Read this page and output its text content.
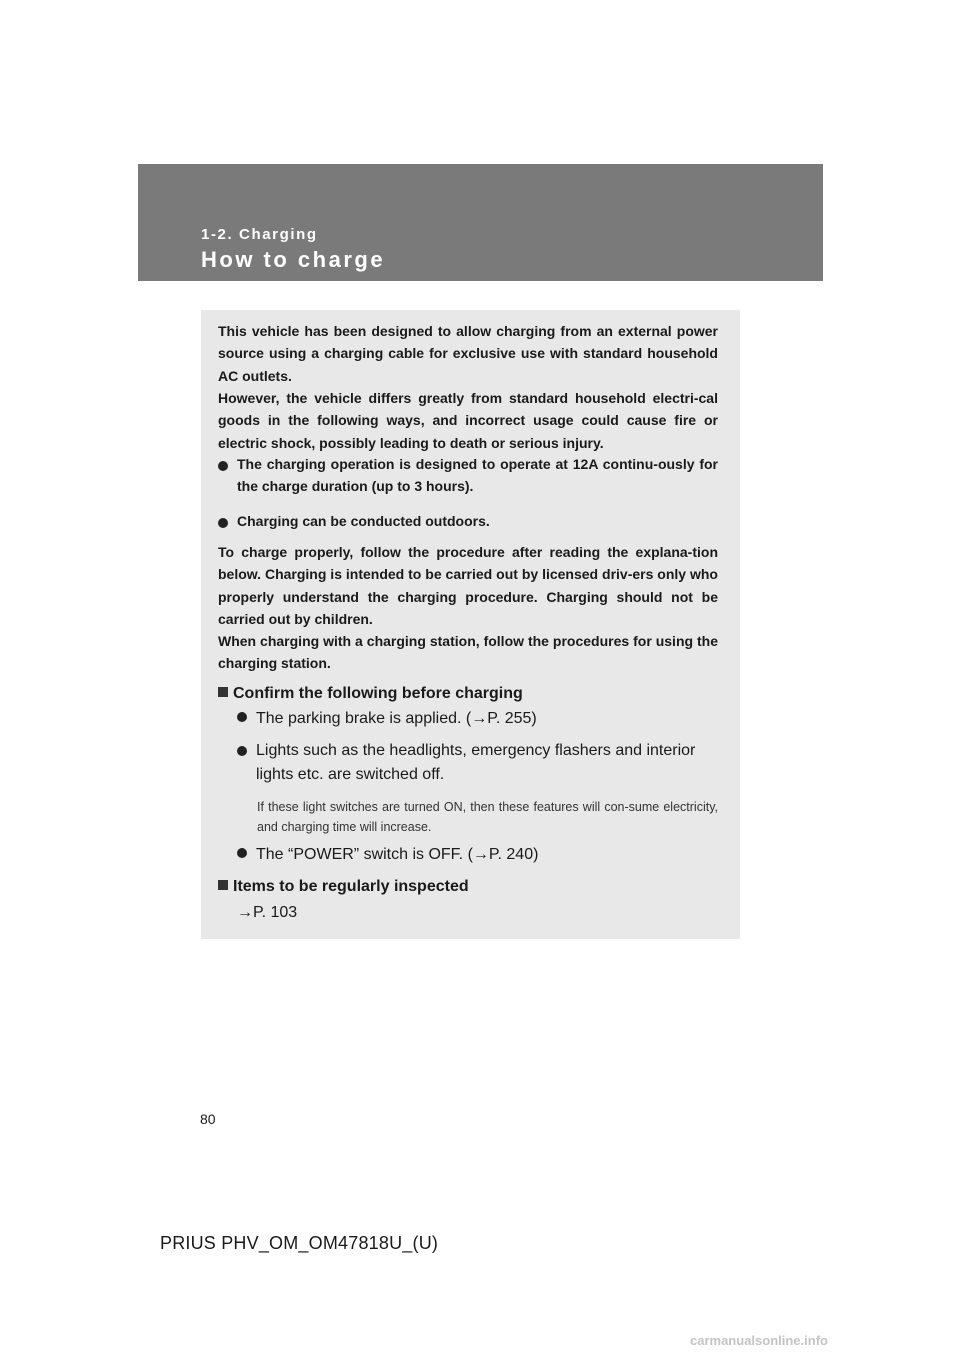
1-2. Charging
How to charge

This vehicle has been designed to allow charging from an external power source using a charging cable for exclusive use with standard household AC outlets.

However, the vehicle differs greatly from standard household electri-cal goods in the following ways, and incorrect usage could cause fire or electric shock, possibly leading to death or serious injury.

The charging operation is designed to operate at 12A continu-ously for the charge duration (up to 3 hours).

Charging can be conducted outdoors.

To charge properly, follow the procedure after reading the explana-tion below. Charging is intended to be carried out by licensed driv-ers only who properly understand the charging procedure. Charging should not be carried out by children.

When charging with a charging station, follow the procedures for using the charging station.

Confirm the following before charging

The parking brake is applied. (→P. 255)

Lights such as the headlights, emergency flashers and interior lights etc. are switched off.

If these light switches are turned ON, then these features will con-sume electricity, and charging time will increase.

The “POWER” switch is OFF. (→P. 240)

Items to be regularly inspected

→P. 103

80
PRIUS PHV_OM_OM47818U_(U)
carmanualsonline.info
